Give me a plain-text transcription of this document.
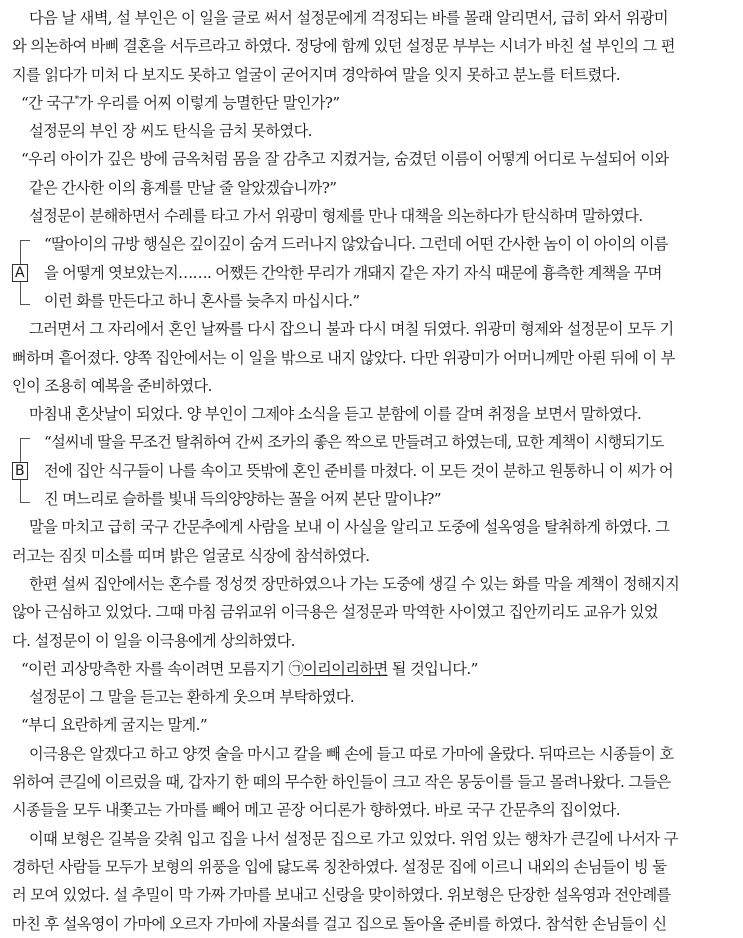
다음 날 새벽, 설 부인은 이 일을 글로 써서 설정문에게 걱정되는 바를 몰래 알리면서, 급히 와서 위광미
와 의논하여 바삐 결혼을 서두르라고 하였다. 정당에 함께 있던 설정문 부부는 시녀가 바친 설 부인의 그 편
지를 읽다가 미처 다 보지도 못하고 얼굴이 굳어지며 경악하여 말을 잇지 못하고 분노를 터트렸다.
“간 국구*가 우리를 어찌 이렇게 능멸한단 말인가?”
설정문의 부인 장 씨도 탄식을 금치 못하였다.
“우리 아이가 깊은 방에 금옥처럼 몸을 잘 감추고 지켰거늘, 숨겼던 이름이 어떻게 어디로 누설되어 이와
같은 간사한 이의 흉계를 만날 줄 알았겠습니까?”
설정문이 분해하면서 수레를 타고 가서 위광미 형제를 만나 대책을 의논하다가 탄식하며 말하였다.
A
“딸아이의 규방 행실은 깊이깊이 숨겨 드러나지 않았습니다. 그런데 어떤 간사한 놈이 이 아이의 이름
을 어떻게 엿보았는지……. 어쨌든 간악한 무리가 개돼지 같은 자기 자식 때문에 흉측한 계책을 꾸며
이런 화를 만든다고 하니 혼사를 늦추지 마십시다.”
그러면서 그 자리에서 혼인 날짜를 다시 잡으니 불과 다시 며칠 뒤였다. 위광미 형제와 설정문이 모두 기
뻐하며 흩어졌다. 양쪽 집안에서는 이 일을 밖으로 내지 않았다. 다만 위광미가 어머니께만 아뢴 뒤에 이 부
인이 조용히 예복을 준비하였다.
마침내 혼삿날이 되었다. 양 부인이 그제야 소식을 듣고 분함에 이를 갈며 취정을 보면서 말하였다.
B
“설씨네 딸을 무조건 탈취하여 간씨 조카의 좋은 짝으로 만들려고 하였는데, 묘한 계책이 시행되기도
전에 집안 식구들이 나를 속이고 뜻밖에 혼인 준비를 마쳤다. 이 모든 것이 분하고 원통하니 이 씨가 어
진 며느리로 슬하를 빛내 득의양양하는 꼴을 어찌 본단 말이냐?”
말을 마치고 급히 국구 간문추에게 사람을 보내 이 사실을 알리고 도중에 설옥영을 탈취하게 하였다. 그
러고는 짐짓 미소를 띠며 밝은 얼굴로 식장에 참석하였다.
한편 설씨 집안에서는 혼수를 정성껏 장만하였으나 가는 도중에 생길 수 있는 화를 막을 계책이 정해지지
않아 근심하고 있었다. 그때 마침 금위교위 이극용은 설정문과 막역한 사이였고 집안끼리도 교유가 있었
다. 설정문이 이 일을 이극용에게 상의하였다.
“이런 괴상망측한 자를 속이려면 모름지기 ㉠이리이리하면 될 것입니다.”
설정문이 그 말을 듣고는 환하게 웃으며 부탁하였다.
“부디 요란하게 굴지는 말게.”
이극용은 알겠다고 하고 양껏 술을 마시고 칼을 빼 손에 들고 따로 가마에 올랐다. 뒤따르는 시종들이 호
위하여 큰길에 이르렀을 때, 갑자기 한 떼의 무수한 하인들이 크고 작은 몽둥이를 들고 몰려나왔다. 그들은
시종들을 모두 내쫓고는 가마를 빼어 메고 곧장 어디론가 향하였다. 바로 국구 간문추의 집이었다.
이때 보형은 길복을 갖춰 입고 집을 나서 설정문 집으로 가고 있었다. 위엄 있는 행차가 큰길에 나서자 구
경하던 사람들 모두가 보형의 위풍을 입에 닳도록 칭찬하였다. 설정문 집에 이르니 내외의 손님들이 빙 둘
러 모여 있었다. 설 추밀이 막 가짜 가마를 보내고 신랑을 맞이하였다. 위보형은 단장한 설옥영과 전안례를
마친 후 설옥영이 가마에 오르자 가마에 자물쇠를 걸고 집으로 돌아올 준비를 하였다. 참석한 손님들이 신
